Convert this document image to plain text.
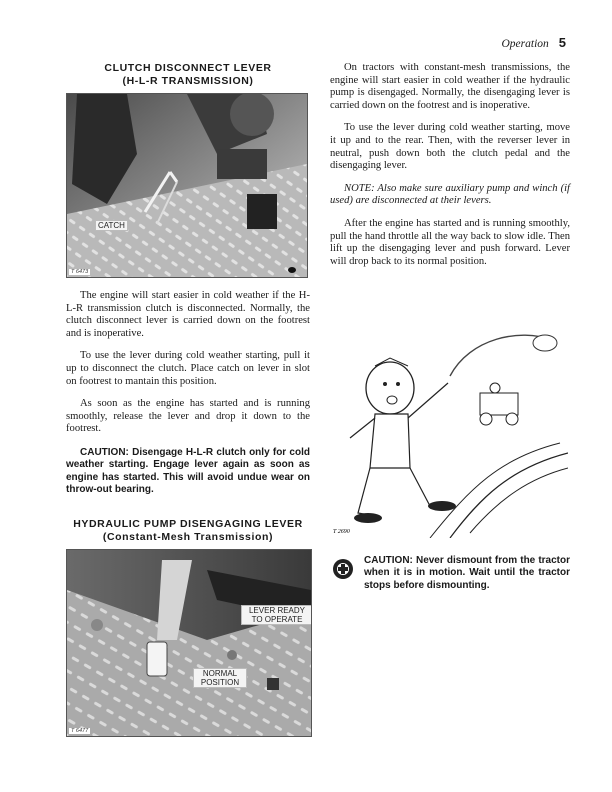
Operation 5
CLUTCH DISCONNECT LEVER
(H-L-R TRANSMISSION)
CATCH
T 6473

The engine will start easier in cold weather if the H-L-R transmission clutch is disconnected. Normally, the clutch disconnect lever is carried down on the footrest and is inoperative.

To use the lever during cold weather starting, pull it up to disconnect the clutch. Place catch on lever in slot on footrest to mantain this position.

As soon as the engine has started and is running smoothly, release the lever and drop it down to the footrest.

CAUTION: Disengage H-L-R clutch only for cold weather starting. Engage lever again as soon as engine has started. This will avoid undue wear on throw-out bearing.
HYDRAULIC PUMP DISENGAGING LEVER
(Constant-Mesh Transmission)
LEVER READY TO OPERATE
NORMAL POSITION
T 6477

On tractors with constant-mesh transmissions, the engine will start easier in cold weather if the hydraulic pump is disengaged. Normally, the disengaging lever is carried down on the footrest and is inoperative.

To use the lever during cold weather starting, move it up and to the rear. Then, with the reverser lever in neutral, push down both the clutch pedal and the disengaging lever.

NOTE: Also make sure auxiliary pump and winch (if used) are disconnected at their levers.

After the engine has started and is running smoothly, pull the hand throttle all the way back to slow idle. Then lift up the disengaging lever and push forward. Lever will drop back to its normal position.

T 2690
CAUTION: Never dismount from the tractor when it is in motion. Wait until the tractor stops before dismounting.
